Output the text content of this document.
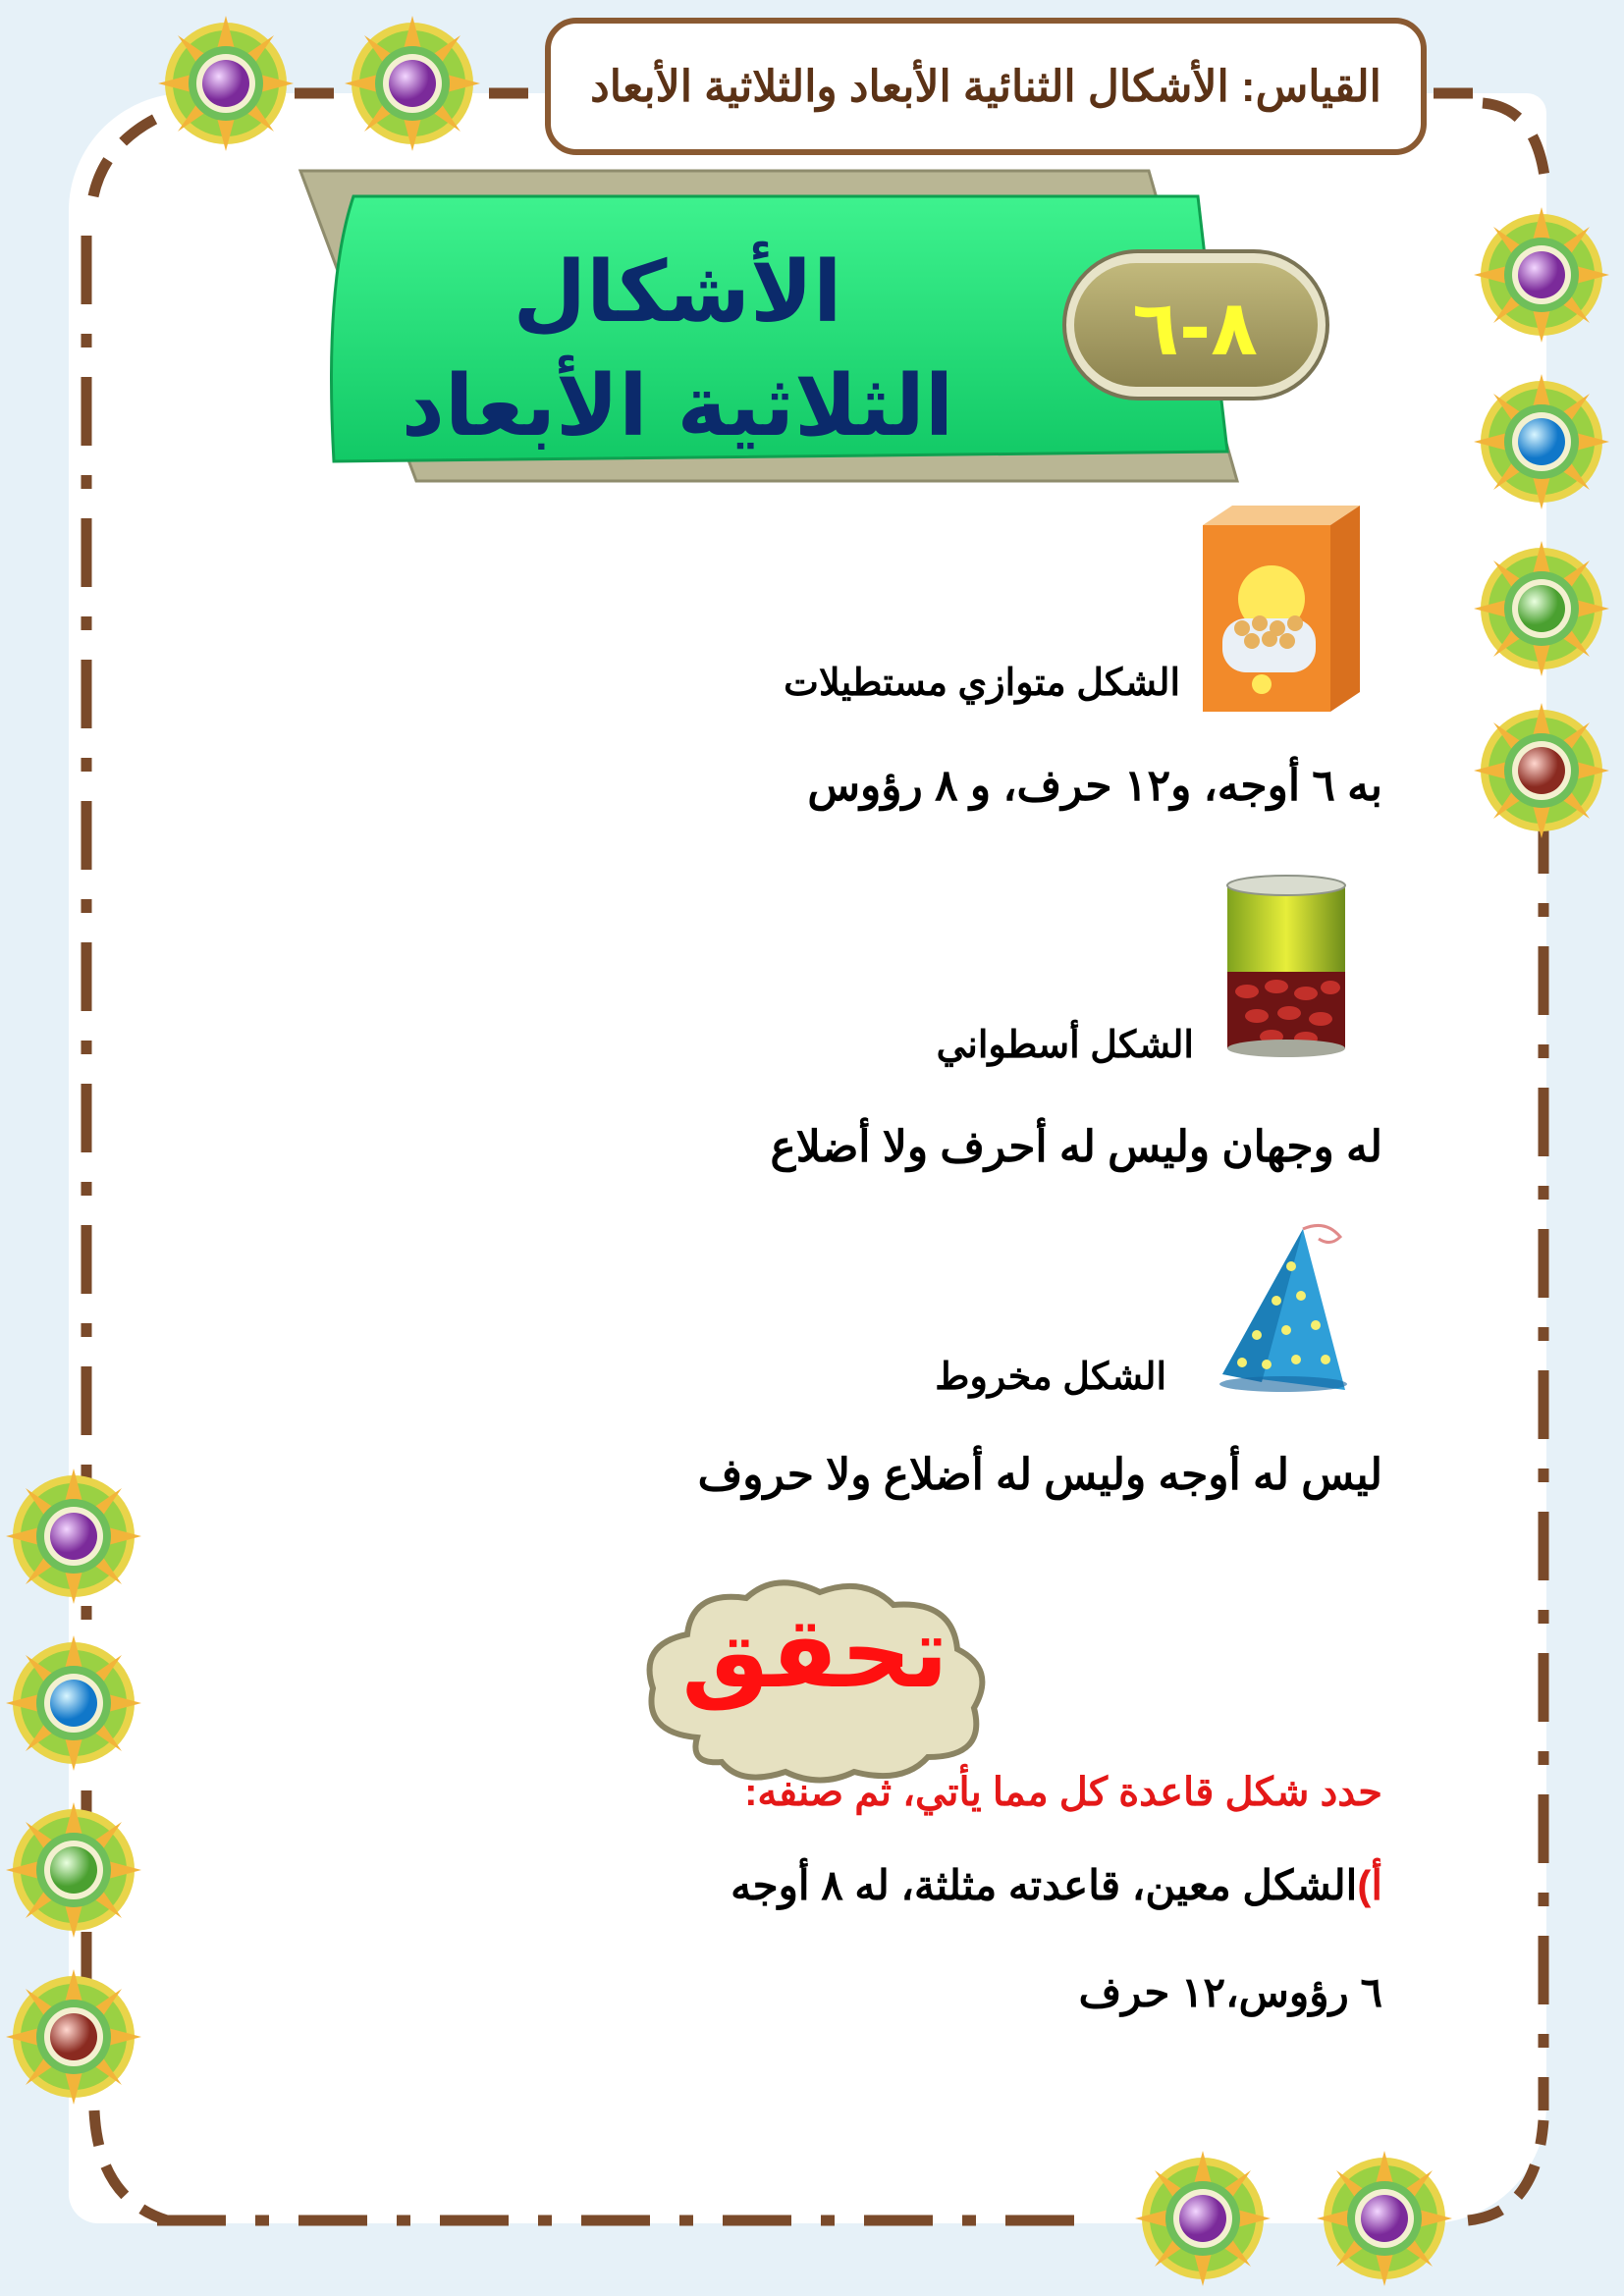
القياس: الأشكال الثنائية الأبعاد والثلاثية الأبعاد
الأشكال
الثلاثية الأبعاد
٨-٦
الشكل متوازي مستطيلات
به ٦ أوجه، و١٢ حرف، و ٨ رؤوس
الشكل أسطواني
له وجهان وليس له أحرف ولا أضلاع
الشكل مخروط
ليس له أوجه وليس له أضلاع ولا حروف
تحقق
حدد شكل قاعدة كل مما يأتي، ثم صنفه:
أ)الشكل معين، قاعدته مثلثة، له ٨ أوجه
٦ رؤوس،١٢ حرف
